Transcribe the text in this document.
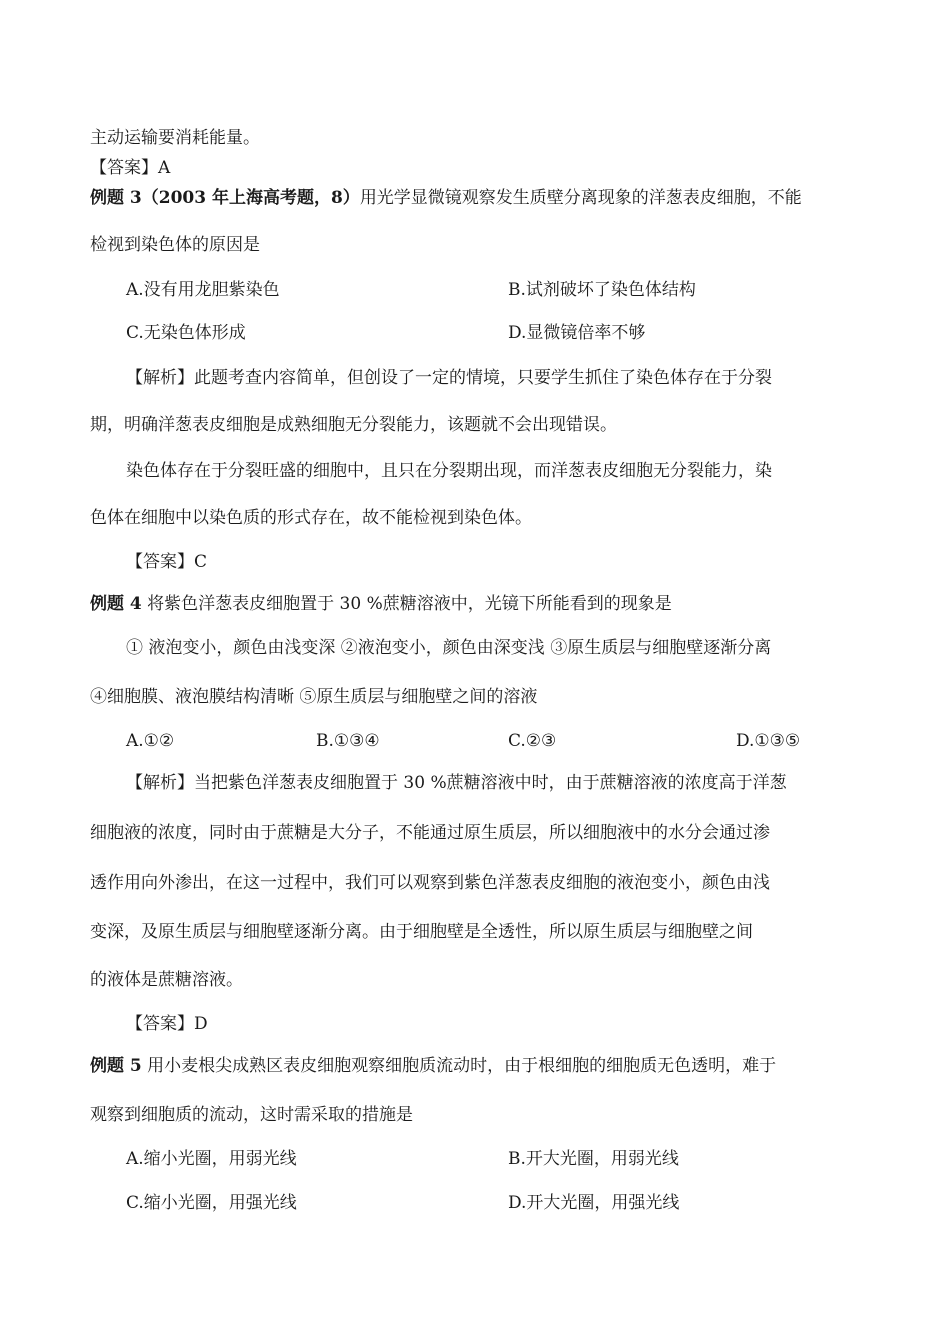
主动运输要消耗能量。
【答案】A
例题 3（2003 年上海高考题，8）用光学显微镜观察发生质壁分离现象的洋葱表皮细胞，不能
检视到染色体的原因是
A.没有用龙胆紫染色	B.试剂破坏了染色体结构
C.无染色体形成	D.显微镜倍率不够
【解析】此题考查内容简单，但创设了一定的情境，只要学生抓住了染色体存在于分裂
期，明确洋葱表皮细胞是成熟细胞无分裂能力，该题就不会出现错误。
染色体存在于分裂旺盛的细胞中，且只在分裂期出现，而洋葱表皮细胞无分裂能力，染
色体在细胞中以染色质的形式存在，故不能检视到染色体。
【答案】C
例题 4 将紫色洋葱表皮细胞置于 30 %蔗糖溶液中，光镜下所能看到的现象是
① 液泡变小，颜色由浅变深 ②液泡变小，颜色由深变浅 ③原生质层与细胞壁逐渐分离
④细胞膜、液泡膜结构清晰 ⑤原生质层与细胞壁之间的溶液
A.①②	B.①③④	C.②③	D.①③⑤
【解析】当把紫色洋葱表皮细胞置于 30 %蔗糖溶液中时，由于蔗糖溶液的浓度高于洋葱
细胞液的浓度，同时由于蔗糖是大分子，不能通过原生质层，所以细胞液中的水分会通过渗
透作用向外渗出，在这一过程中，我们可以观察到紫色洋葱表皮细胞的液泡变小，颜色由浅
变深，及原生质层与细胞壁逐渐分离。由于细胞壁是全透性，所以原生质层与细胞壁之间
的液体是蔗糖溶液。
【答案】D
例题 5 用小麦根尖成熟区表皮细胞观察细胞质流动时，由于根细胞的细胞质无色透明，难于
观察到细胞质的流动，这时需采取的措施是
A.缩小光圈，用弱光线	B.开大光圈，用弱光线
C.缩小光圈，用强光线	D.开大光圈，用强光线
